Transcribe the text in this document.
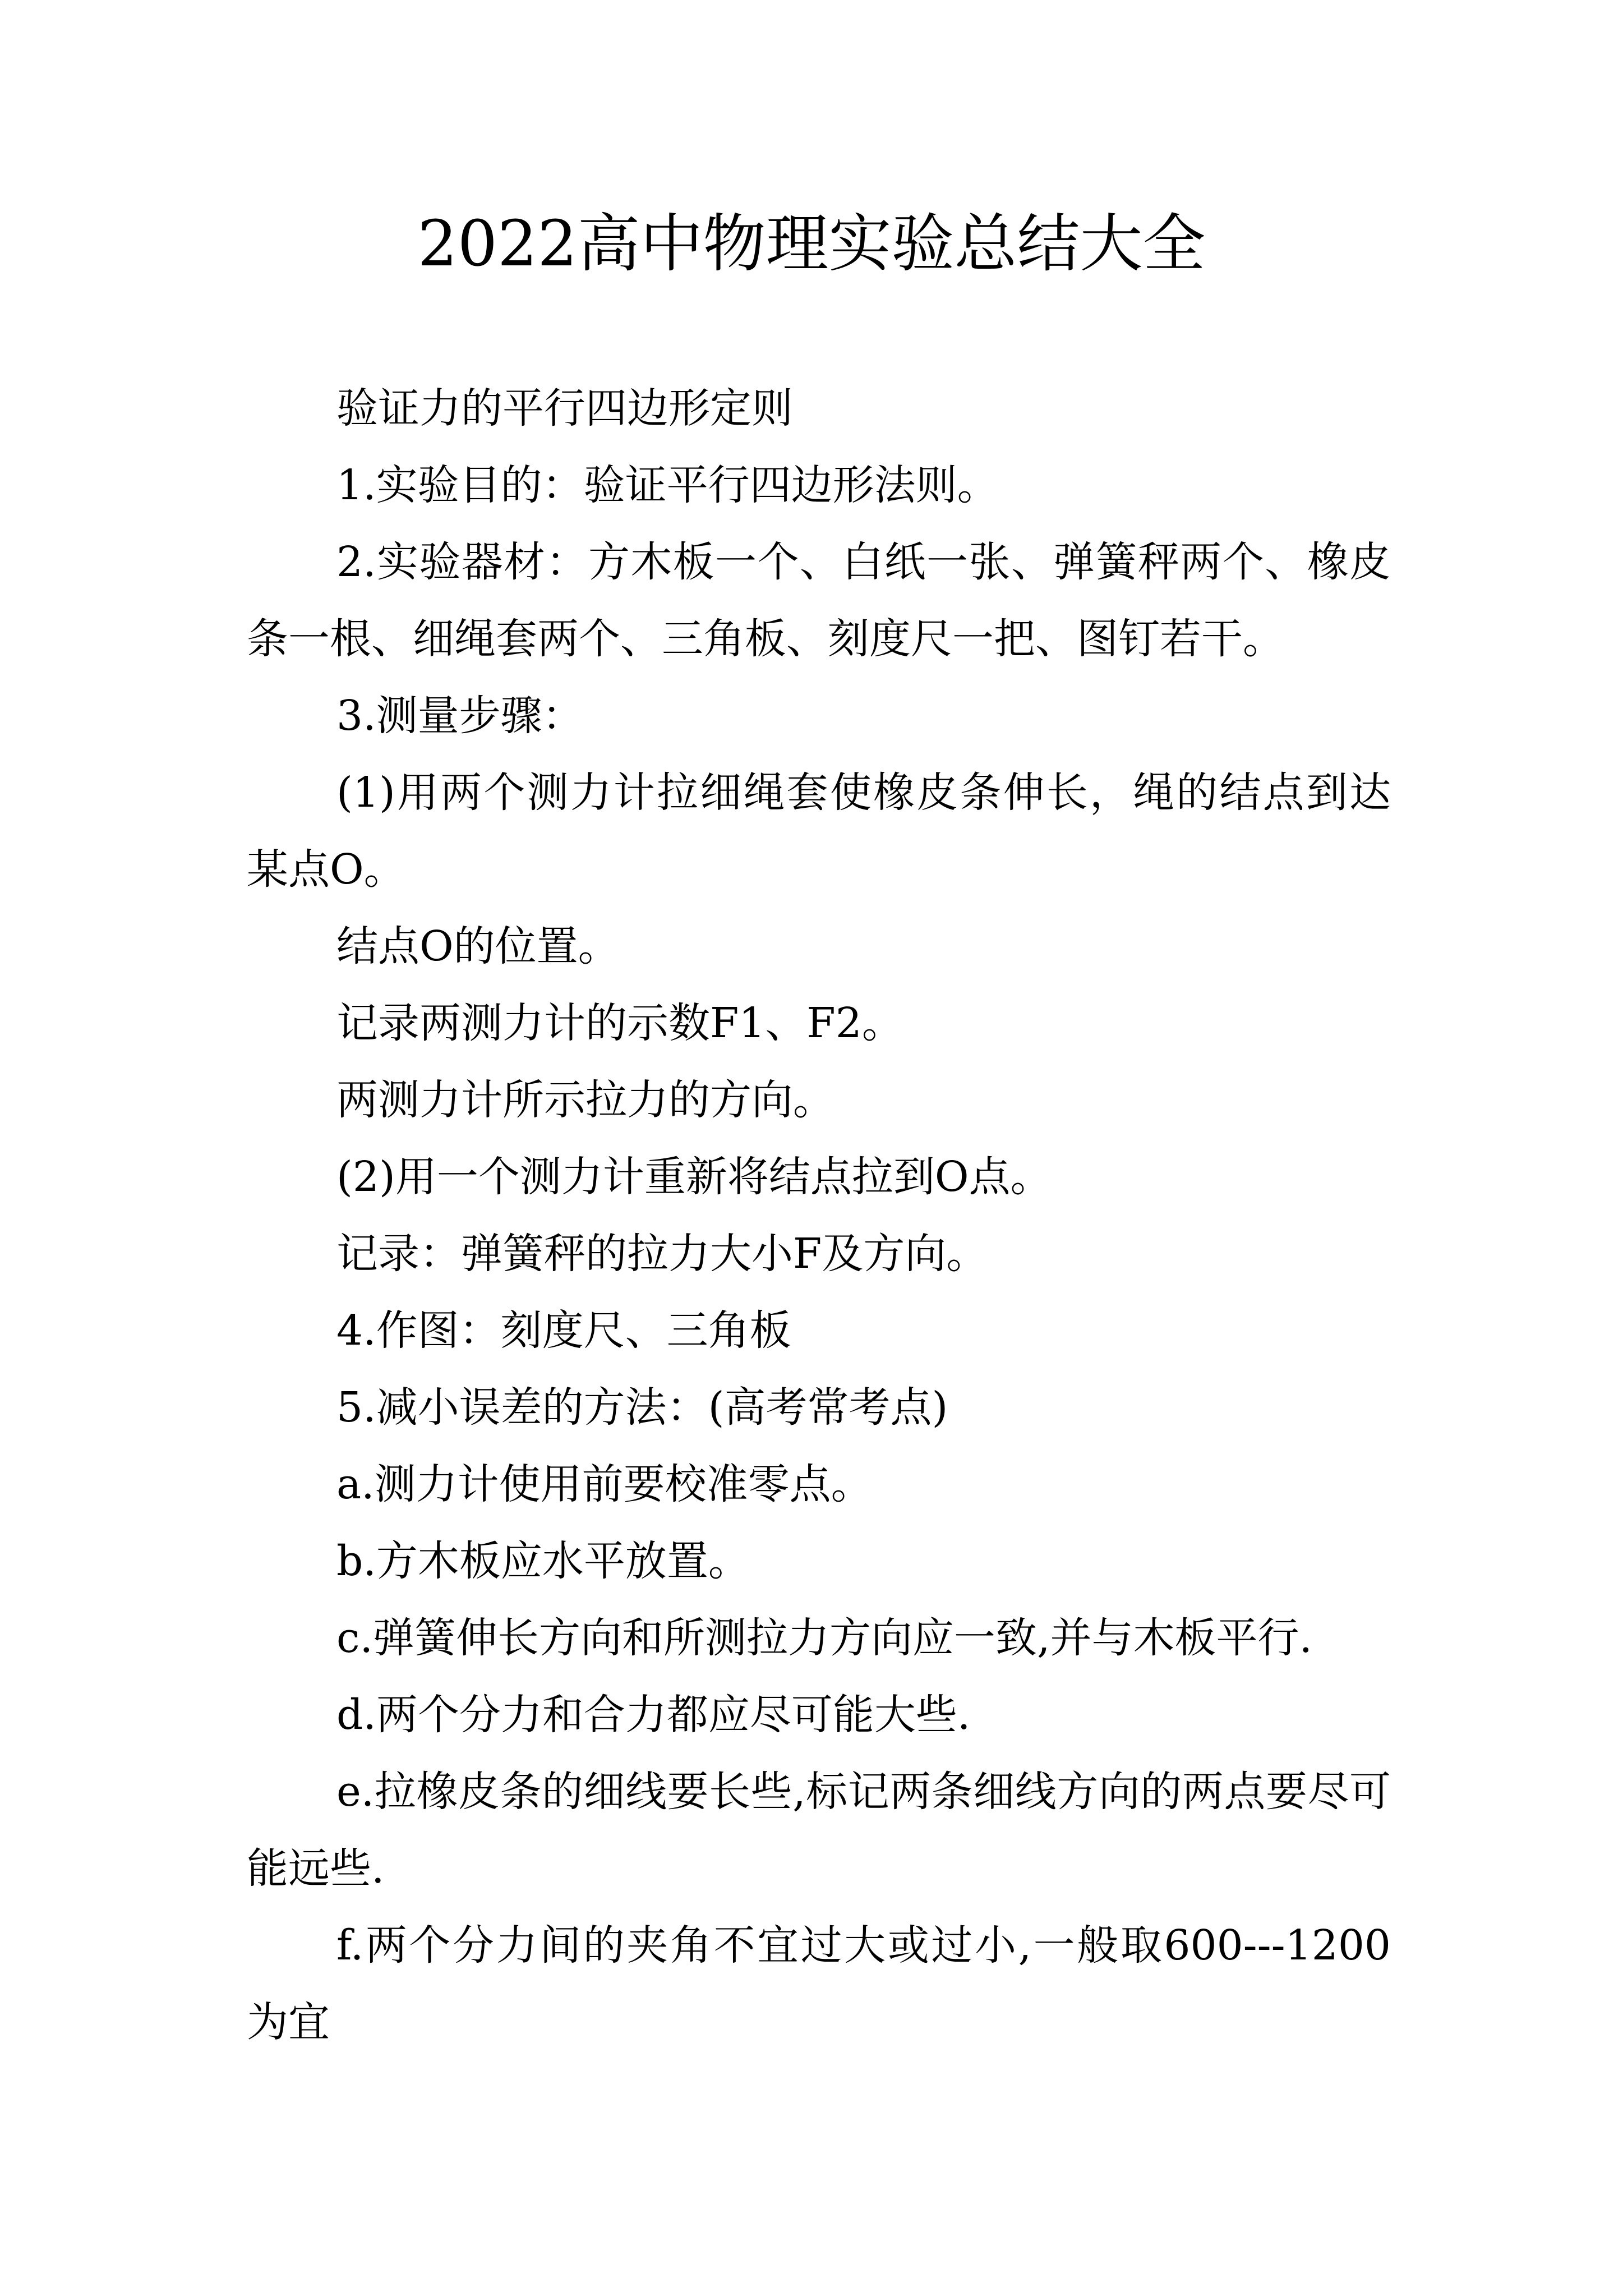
2022高中物理实验总结大全

验证力的平行四边形定则

1.实验目的：验证平行四边形法则。

2.实验器材：方木板一个、白纸一张、弹簧秤两个、橡皮条一根、细绳套两个、三角板、刻度尺一把、图钉若干。

3.测量步骤：

(1)用两个测力计拉细绳套使橡皮条伸长，绳的结点到达某点O。

结点O的位置。

记录两测力计的示数F1、F2。

两测力计所示拉力的方向。

(2)用一个测力计重新将结点拉到O点。

记录：弹簧秤的拉力大小F及方向。

4.作图：刻度尺、三角板

5.减小误差的方法：(高考常考点)

a.测力计使用前要校准零点。

b.方木板应水平放置。

c.弹簧伸长方向和所测拉力方向应一致,并与木板平行.

d.两个分力和合力都应尽可能大些.

e.拉橡皮条的细线要长些,标记两条细线方向的两点要尽可能远些.

f.两个分力间的夹角不宜过大或过小,一般取600---1200为宜
